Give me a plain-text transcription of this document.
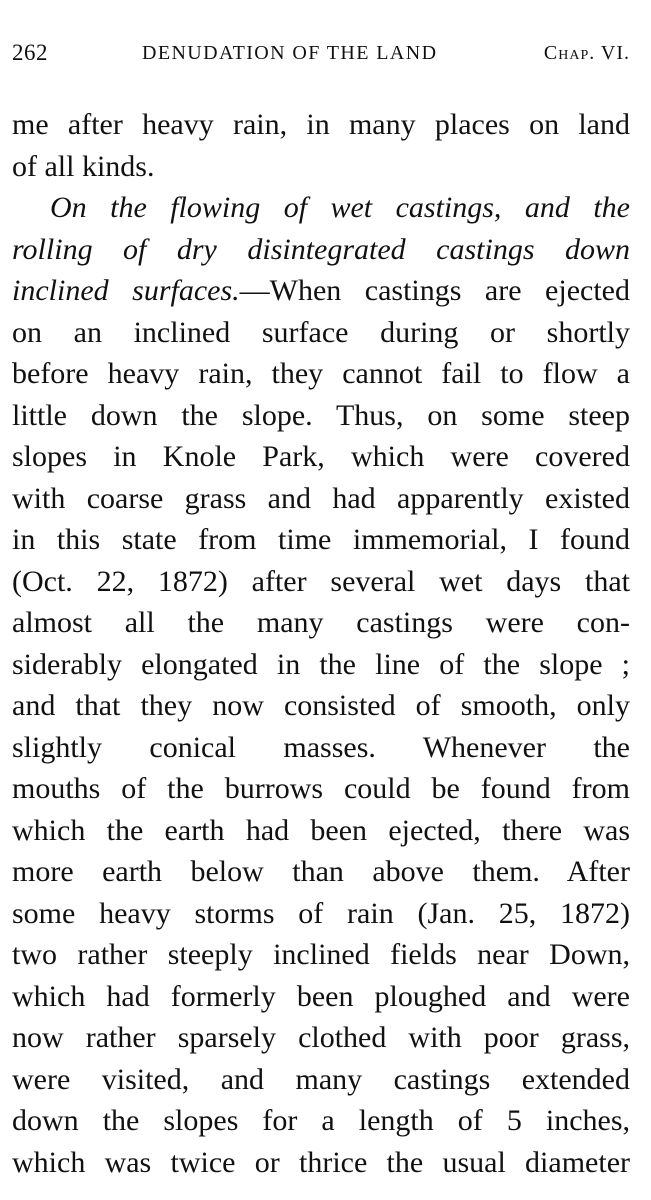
262	DENUDATION OF THE LAND	Chap. VI.
me after heavy rain, in many places on land
of all kinds.
On the flowing of wet castings, and the
rolling of dry disintegrated castings down
inclined surfaces.—When castings are ejected
on an inclined surface during or shortly
before heavy rain, they cannot fail to flow a
little down the slope. Thus, on some steep
slopes in Knole Park, which were covered
with coarse grass and had apparently existed
in this state from time immemorial, I found
(Oct. 22, 1872) after several wet days that
almost all the many castings were con-
siderably elongated in the line of the slope ;
and that they now consisted of smooth, only
slightly conical masses. Whenever the
mouths of the burrows could be found from
which the earth had been ejected, there was
more earth below than above them. After
some heavy storms of rain (Jan. 25, 1872)
two rather steeply inclined fields near Down,
which had formerly been ploughed and were
now rather sparsely clothed with poor grass,
were visited, and many castings extended
down the slopes for a length of 5 inches,
which was twice or thrice the usual diameter
